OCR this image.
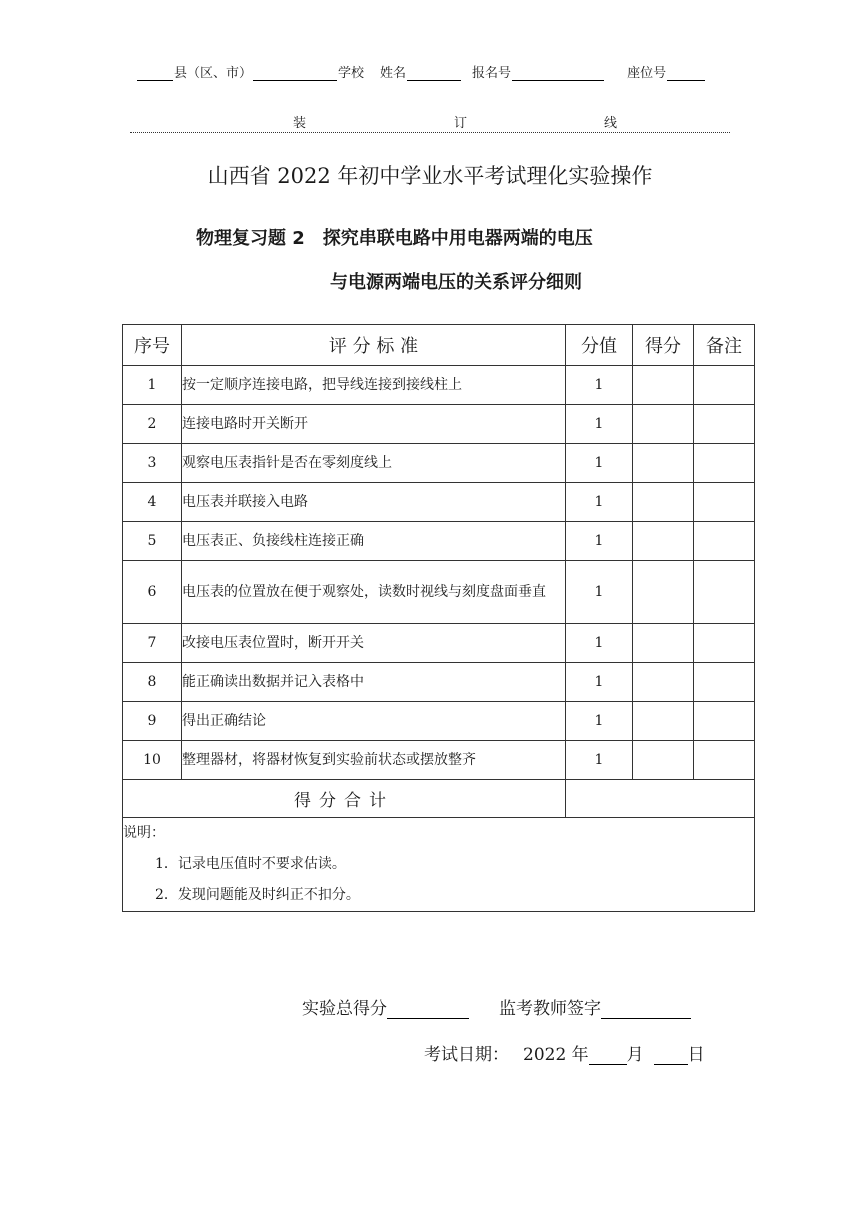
县（区、市）	学校 姓名	报名号	座位号
装	订	线
山西省 2022 年初中学业水平考试理化实验操作
物理复习题 2　探究串联电路中用电器两端的电压
与电源两端电压的关系评分细则
序号	评 分 标 准	分值	得分	备注
1	按一定顺序连接电路，把导线连接到接线柱上	1		
2	连接电路时开关断开	1		
3	观察电压表指针是否在零刻度线上	1		
4	电压表并联接入电路	1		
5	电压表正、负接线柱连接正确	1		
6	电压表的位置放在便于观察处，读数时视线与刻度盘面垂直	1		
7	改接电压表位置时，断开开关	1		
8	能正确读出数据并记入表格中	1		
9	得出正确结论	1		
10	整理器材，将器材恢复到实验前状态或摆放整齐	1		
得分合计				

说明：
1．记录电压值时不要求估读。
2．发现问题能及时纠正不扣分。				
实验总得分	监考教师签字
考试日期： 2022 年 月	日
